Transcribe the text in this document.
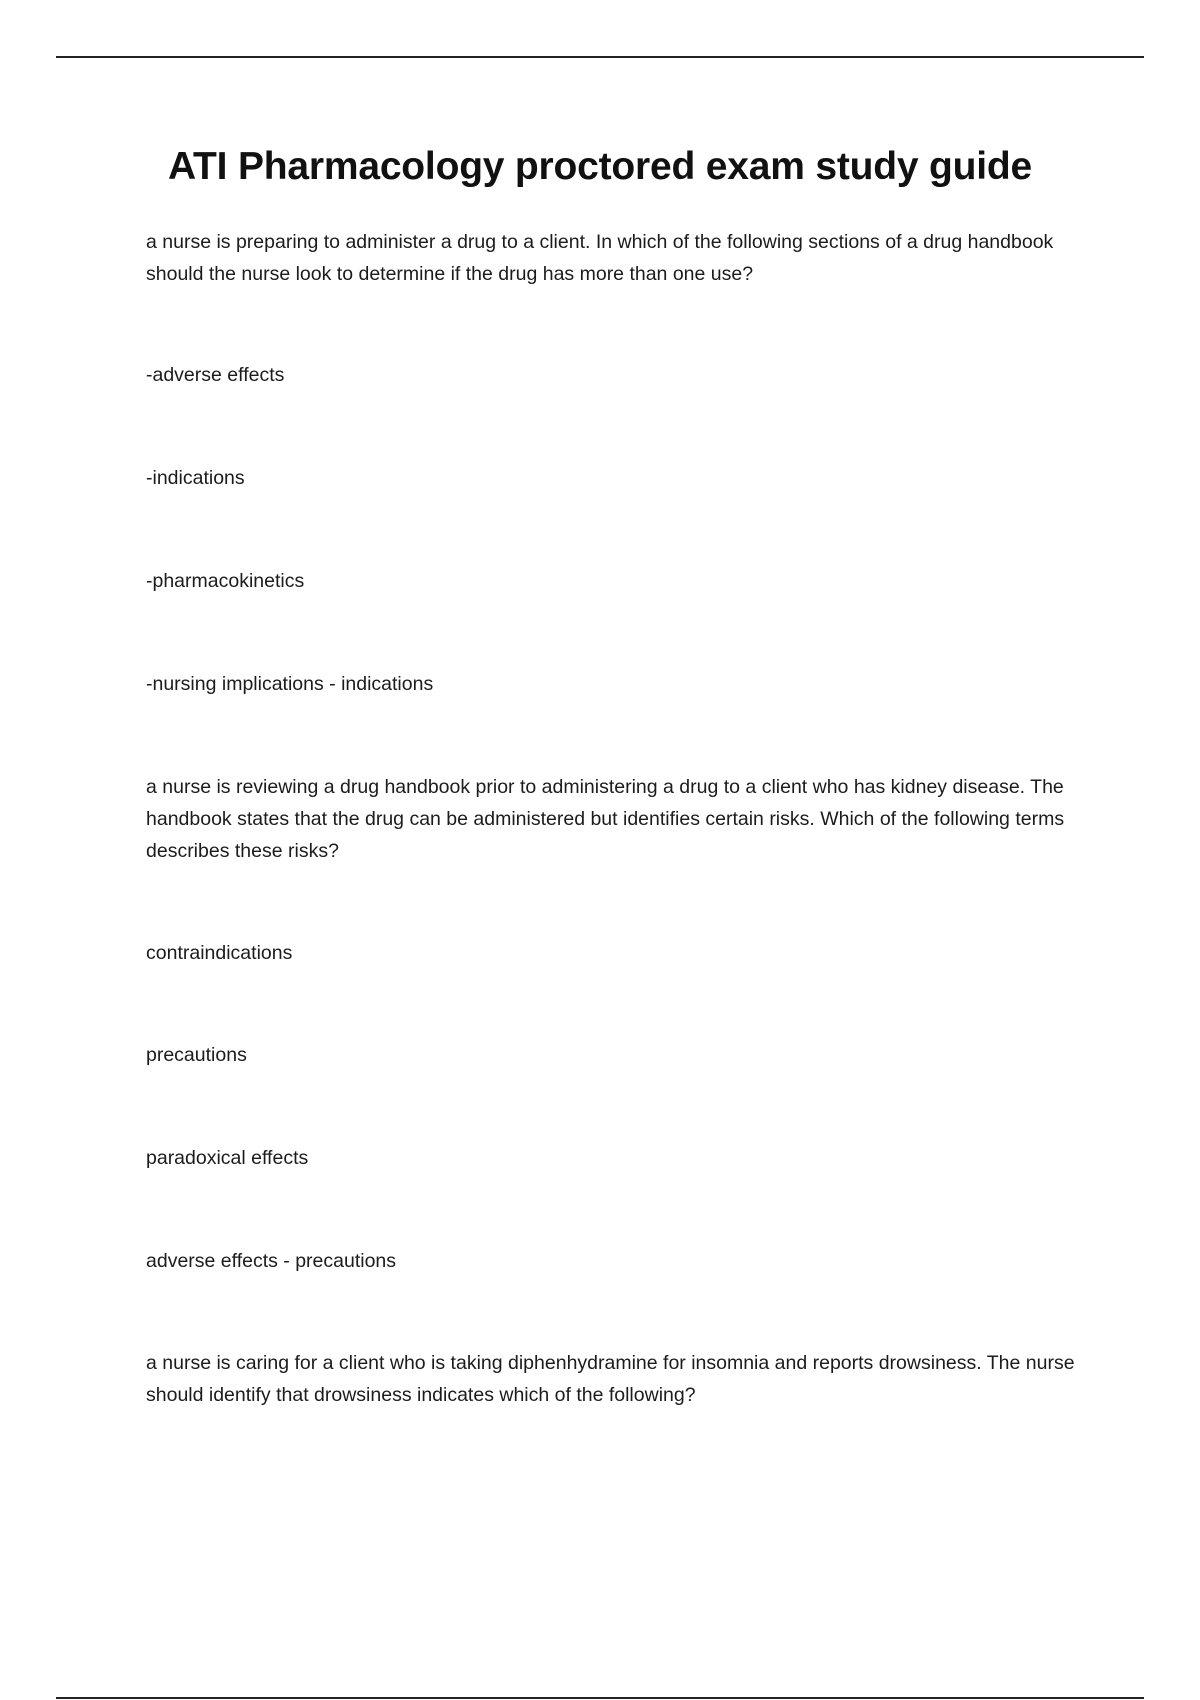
ATI Pharmacology proctored exam study guide
a nurse is preparing to administer a drug to a client. In which of the following sections of a drug handbook should the nurse look to determine if the drug has more than one use?
-adverse effects
-indications
-pharmacokinetics
-nursing implications - indications
a nurse is reviewing a drug handbook prior to administering a drug to a client who has kidney disease. The handbook states that the drug can be administered but identifies certain risks. Which of the following terms describes these risks?
contraindications
precautions
paradoxical effects
adverse effects - precautions
a nurse is caring for a client who is taking diphenhydramine for insomnia and reports drowsiness. The nurse should identify that drowsiness indicates which of the following?
